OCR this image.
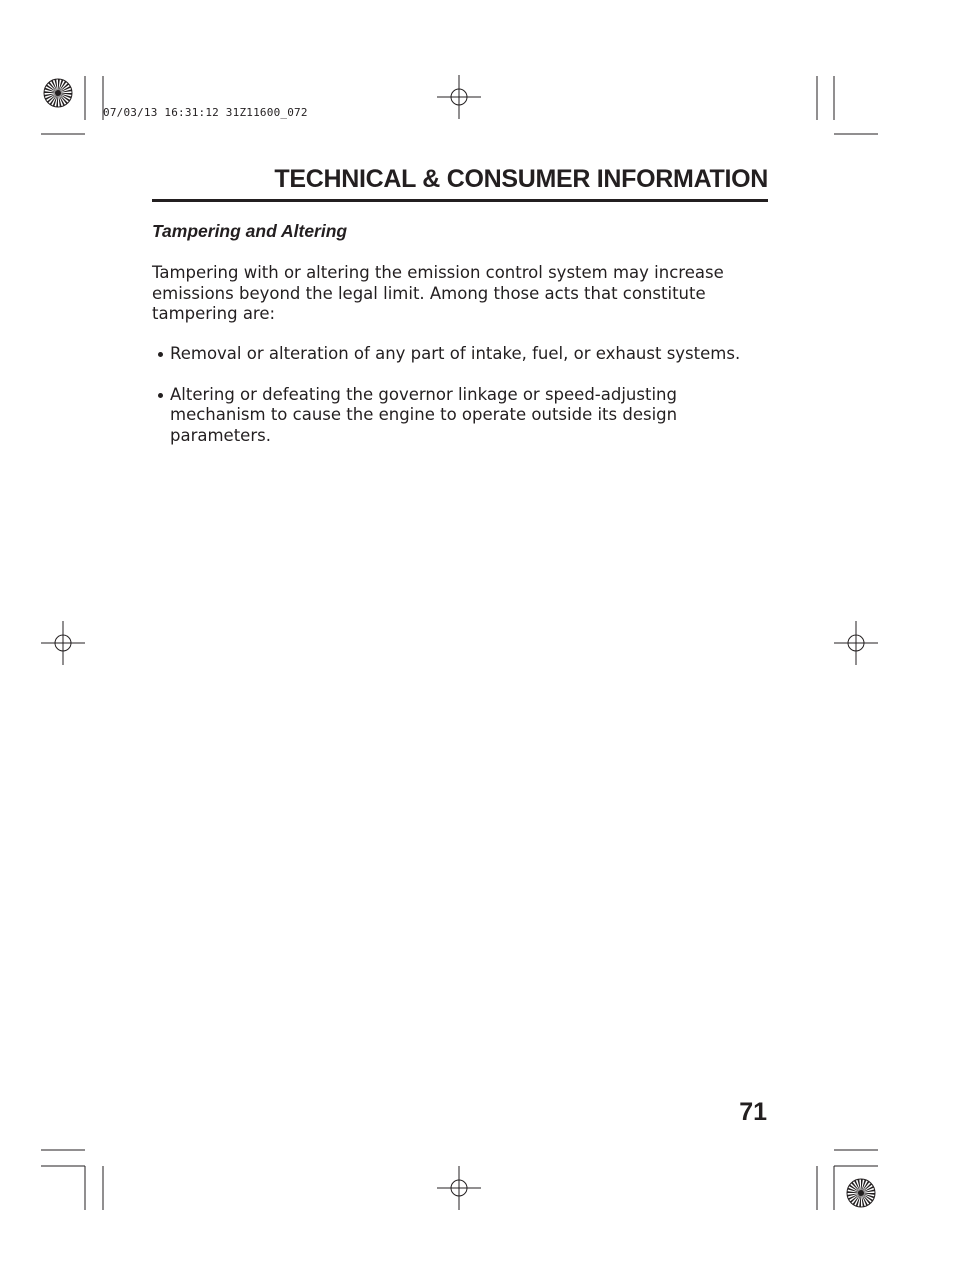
07/03/13 16:31:12 31Z11600_072
TECHNICAL & CONSUMER INFORMATION
Tampering and Altering

Tampering with or altering the emission control system may increase emissions beyond the legal limit. Among those acts that constitute tampering are:

Removal or alteration of any part of intake, fuel, or exhaust systems.
Altering or defeating the governor linkage or speed-adjusting mechanism to cause the engine to operate outside its design parameters.

71
